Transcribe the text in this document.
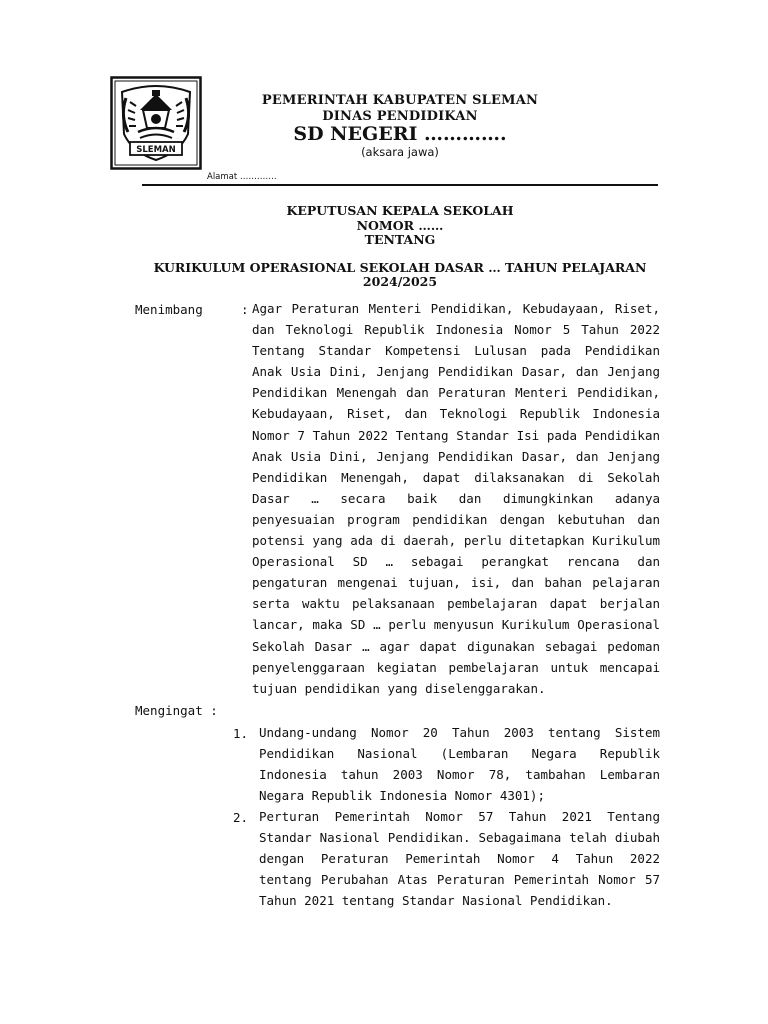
SLEMAN
PEMERINTAH KABUPATEN SLEMAN
DINAS PENDIDIKAN
SD NEGERI ………….
(aksara jawa)
Alamat ………….
KEPUTUSAN KEPALA SEKOLAH
NOMOR ……
TENTANG
KURIKULUM OPERASIONAL SEKOLAH DASAR … TAHUN PELAJARAN
2024/2025
Menimbang	: Agar Peraturan Menteri Pendidikan, Kebudayaan, Riset, dan Teknologi Republik Indonesia Nomor 5 Tahun 2022 Tentang Standar Kompetensi Lulusan pada Pendidikan Anak Usia Dini, Jenjang Pendidikan Dasar, dan Jenjang Pendidikan Menengah dan Peraturan Menteri Pendidikan, Kebudayaan, Riset, dan Teknologi Republik Indonesia Nomor 7 Tahun 2022 Tentang Standar Isi pada Pendidikan Anak Usia Dini, Jenjang Pendidikan Dasar, dan Jenjang Pendidikan Menengah, dapat dilaksanakan di Sekolah Dasar … secara baik dan dimungkinkan adanya penyesuaian program pendidikan dengan kebutuhan dan potensi yang ada di daerah, perlu ditetapkan Kurikulum Operasional SD … sebagai perangkat rencana dan pengaturan mengenai tujuan, isi, dan bahan pelajaran serta waktu pelaksanaan pembelajaran dapat berjalan lancar, maka SD … perlu menyusun Kurikulum Operasional Sekolah Dasar … agar dapat digunakan sebagai pedoman penyelenggaraan kegiatan pembelajaran untuk mencapai tujuan pendidikan yang diselenggarakan.
Mengingat :
1. Undang-undang Nomor 20 Tahun 2003 tentang Sistem Pendidikan Nasional (Lembaran Negara Republik Indonesia tahun 2003 Nomor 78, tambahan Lembaran Negara Republik Indonesia Nomor 4301);
2. Perturan Pemerintah Nomor 57 Tahun 2021 Tentang Standar Nasional Pendidikan. Sebagaimana telah diubah dengan Peraturan Pemerintah Nomor 4 Tahun 2022 tentang Perubahan Atas Peraturan Pemerintah Nomor 57 Tahun 2021 tentang Standar Nasional Pendidikan.
